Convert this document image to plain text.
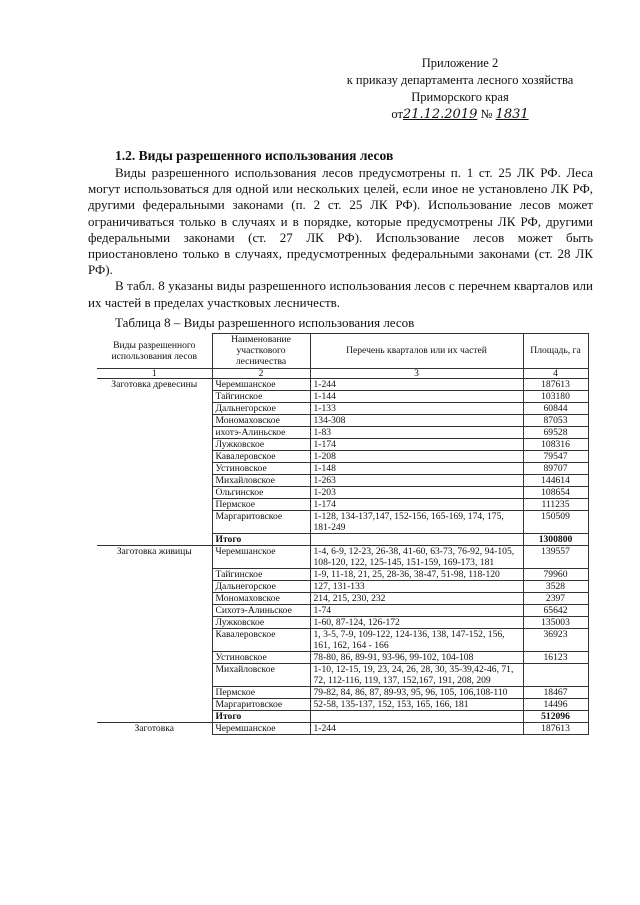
Приложение 2
к приказу департамента лесного хозяйства
Приморского края
от21.12.2019 № 1831
1.2. Виды разрешенного использования лесов

Виды разрешенного использования лесов предусмотрены п. 1 ст. 25 ЛК РФ. Леса могут использоваться для одной или нескольких целей, если иное не установлено ЛК РФ, другими федеральными законами (п. 2 ст. 25 ЛК РФ). Использование лесов может ограничиваться только в случаях и в порядке, которые предусмотрены ЛК РФ, другими федеральными законами (ст. 27 ЛК РФ). Использование лесов может быть приостановлено только в случаях, предусмотренных федеральными законами (ст. 28 ЛК РФ).

В табл. 8 указаны виды разрешенного использования лесов с перечнем кварталов или их частей в пределах участковых лесничеств.

Таблица 8 – Виды разрешенного использования лесов
Виды разрешенного использования лесов	Наименование участкового лесничества	Перечень кварталов или их частей	Площадь, га
1	2	3	4
Заготовка древесины	Черемшанское	1-244	187613
	Тайгинское	1-144	103180
	Дальнегорское	1-133	60844
	Мономаховское	134-308	87053
	ихотэ-Алиньское	1-83	69528
	Лужковское	1-174	108316
	Кавалеровское	1-208	79547
	Устиновское	1-148	89707
	Михайловское	1-263	144614
	Ольгинское	1-203	108654
	Пермское	1-174	111235
	Маргаритовское	1-128, 134-137,147, 152-156, 165-169, 174, 175, 181-249	150509
	Итого		1300800
Заготовка живицы	Черемшанское	1-4, 6-9, 12-23, 26-38, 41-60, 63-73, 76-92, 94-105, 108-120, 122, 125-145, 151-159, 169-173, 181	139557
	Тайгинское	1-9, 11-18, 21, 25, 28-36, 38-47, 51-98, 118-120	79960
	Дальнегорское	127, 131-133	3528
	Мономаховское	214, 215, 230, 232	2397
	Сихотэ-Алиньское	1-74	65642
	Лужковское	1-60, 87-124, 126-172	135003
	Кавалеровское	1, 3-5, 7-9, 109-122, 124-136, 138, 147-152, 156, 161, 162, 164 - 166	36923
	Устиновское	78-80, 86, 89-91, 93-96, 99-102, 104-108	16123
	Михайловское	1-10, 12-15, 19, 23, 24, 26, 28, 30, 35-39,42-46, 71, 72, 112-116, 119, 137, 152,167, 191, 208, 209	
	Пермское	79-82, 84, 86, 87, 89-93, 95, 96, 105, 106,108-110	18467
	Маргаритовское	52-58, 135-137, 152, 153, 165, 166, 181	14496
	Итого		512096
Заготовка	Черемшанское	1-244	187613
